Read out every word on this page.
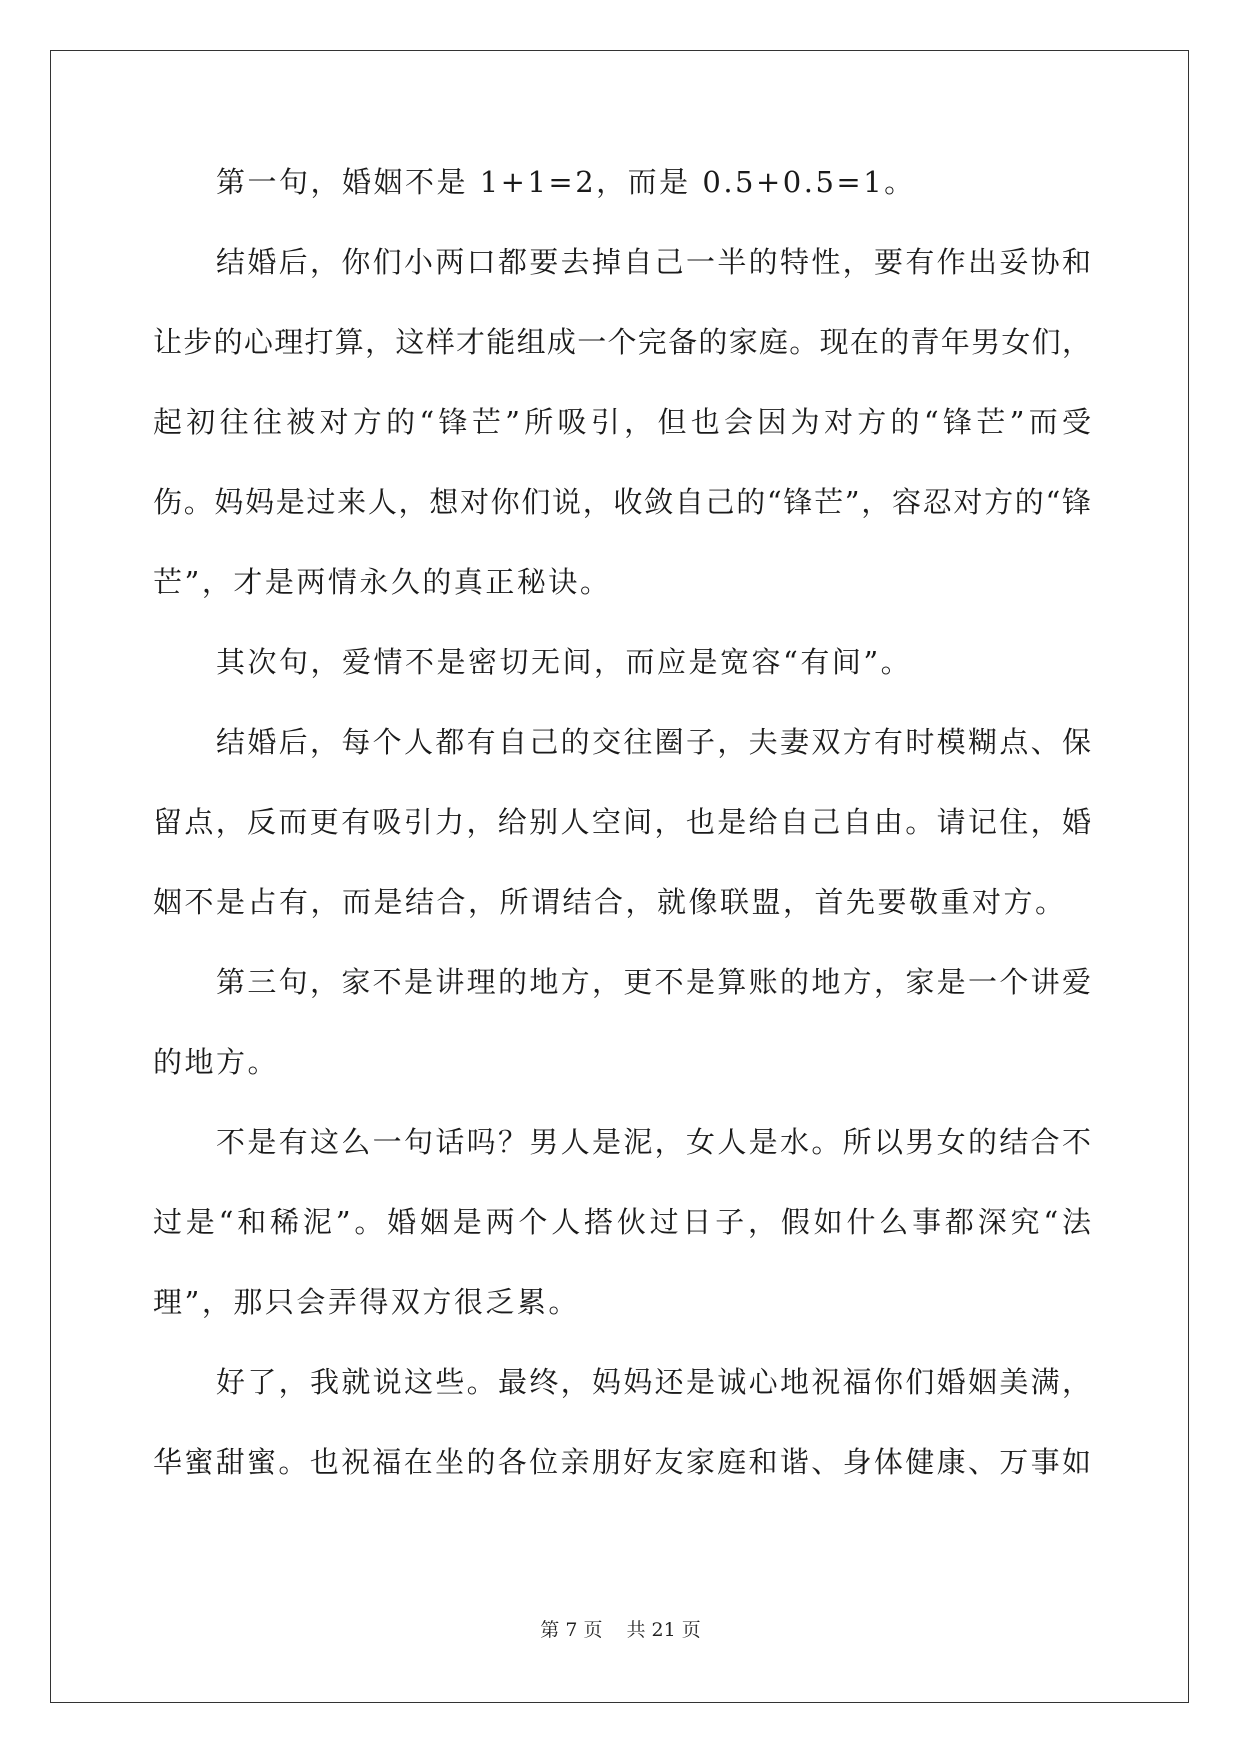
第一句，婚姻不是 1+1=2，而是 0.5+0.5=1。
结婚后，你们小两口都要去掉自己一半的特性，要有作出妥协和
让步的心理打算，这样才能组成一个完备的家庭。现在的青年男女们，
起初往往被对方的“锋芒”所吸引，但也会因为对方的“锋芒”而受
伤。妈妈是过来人，想对你们说，收敛自己的“锋芒”，容忍对方的“锋
芒”，才是两情永久的真正秘诀。
其次句，爱情不是密切无间，而应是宽容“有间”。
结婚后，每个人都有自己的交往圈子，夫妻双方有时模糊点、保
留点，反而更有吸引力，给别人空间，也是给自己自由。请记住，婚
姻不是占有，而是结合，所谓结合，就像联盟，首先要敬重对方。
第三句，家不是讲理的地方，更不是算账的地方，家是一个讲爱
的地方。
不是有这么一句话吗？男人是泥，女人是水。所以男女的结合不
过是“和稀泥”。婚姻是两个人搭伙过日子，假如什么事都深究“法
理”，那只会弄得双方很乏累。
好了，我就说这些。最终，妈妈还是诚心地祝福你们婚姻美满，
华蜜甜蜜。也祝福在坐的各位亲朋好友家庭和谐、身体健康、万事如
第 7 页 共 21 页
